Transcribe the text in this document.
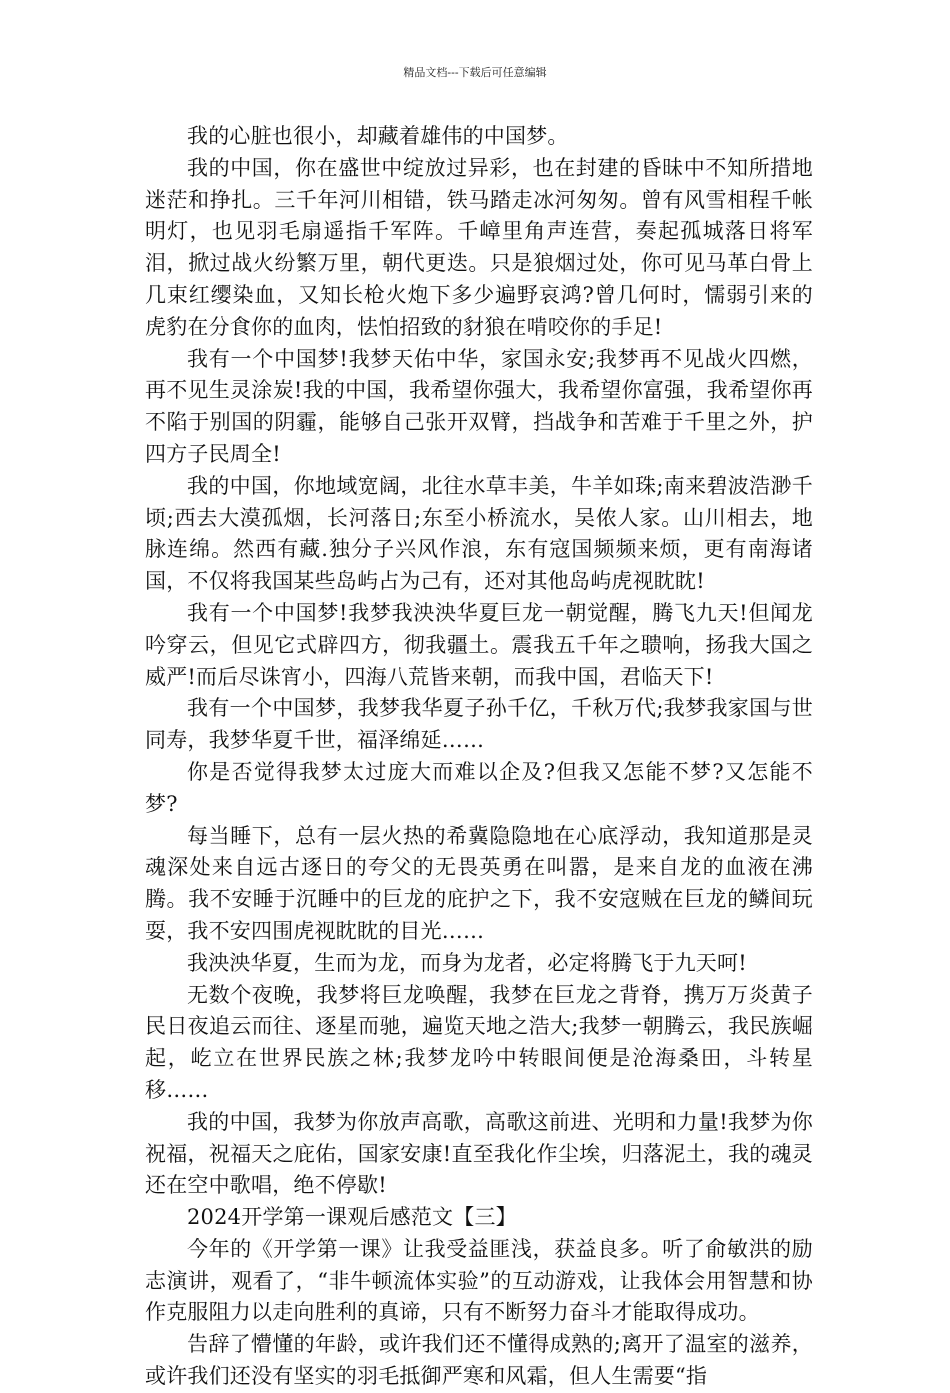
精品文档---下载后可任意编辑

我的心脏也很小，却藏着雄伟的中国梦。

我的中国，你在盛世中绽放过异彩，也在封建的昏昧中不知所措地迷茫和挣扎。三千年河川相错，铁马踏走冰河匆匆。曾有风雪相程千帐明灯，也见羽毛扇遥指千军阵。千嶂里角声连营，奏起孤城落日将军泪，掀过战火纷繁万里，朝代更迭。只是狼烟过处，你可见马革白骨上几束红缨染血，又知长枪火炮下多少遍野哀鸿?曾几何时，懦弱引来的虎豹在分食你的血肉，怯怕招致的豺狼在啃咬你的手足!

我有一个中国梦!我梦天佑中华，家国永安;我梦再不见战火四燃，再不见生灵涂炭!我的中国，我希望你强大，我希望你富强，我希望你再不陷于别国的阴霾，能够自己张开双臂，挡战争和苦难于千里之外，护四方子民周全!

我的中国，你地域宽阔，北往水草丰美，牛羊如珠;南来碧波浩渺千顷;西去大漠孤烟，长河落日;东至小桥流水，吴侬人家。山川相去，地脉连绵。然西有藏.独分子兴风作浪，东有寇国频频来烦，更有南海诸国，不仅将我国某些岛屿占为己有，还对其他岛屿虎视眈眈!

我有一个中国梦!我梦我泱泱华夏巨龙一朝觉醒，腾飞九天!但闻龙吟穿云，但见它式辟四方，彻我疆土。震我五千年之聩响，扬我大国之威严!而后尽诛宵小，四海八荒皆来朝，而我中国，君临天下!

我有一个中国梦，我梦我华夏子孙千亿，千秋万代;我梦我家国与世同寿，我梦华夏千世，福泽绵延……

你是否觉得我梦太过庞大而难以企及?但我又怎能不梦?又怎能不梦?

每当睡下，总有一层火热的希冀隐隐地在心底浮动，我知道那是灵魂深处来自远古逐日的夸父的无畏英勇在叫嚣，是来自龙的血液在沸腾。我不安睡于沉睡中的巨龙的庇护之下，我不安寇贼在巨龙的鳞间玩耍，我不安四围虎视眈眈的目光……

我泱泱华夏，生而为龙，而身为龙者，必定将腾飞于九天呵!

无数个夜晚，我梦将巨龙唤醒，我梦在巨龙之背脊，携万万炎黄子民日夜追云而往、逐星而驰，遍览天地之浩大;我梦一朝腾云，我民族崛起，屹立在世界民族之林;我梦龙吟中转眼间便是沧海桑田，斗转星移……

我的中国，我梦为你放声高歌，高歌这前进、光明和力量!我梦为你祝福，祝福天之庇佑，国家安康!直至我化作尘埃，归落泥土，我的魂灵还在空中歌唱，绝不停歇!

2024开学第一课观后感范文【三】

今年的《开学第一课》让我受益匪浅，获益良多。听了俞敏洪的励志演讲，观看了，“非牛顿流体实验”的互动游戏，让我体会用智慧和协作克服阻力以走向胜利的真谛，只有不断努力奋斗才能取得成功。

告辞了懵懂的年龄，或许我们还不懂得成熟的;离开了温室的滋养，或许我们还没有坚实的羽毛抵御严寒和风霜，但人生需要“指
